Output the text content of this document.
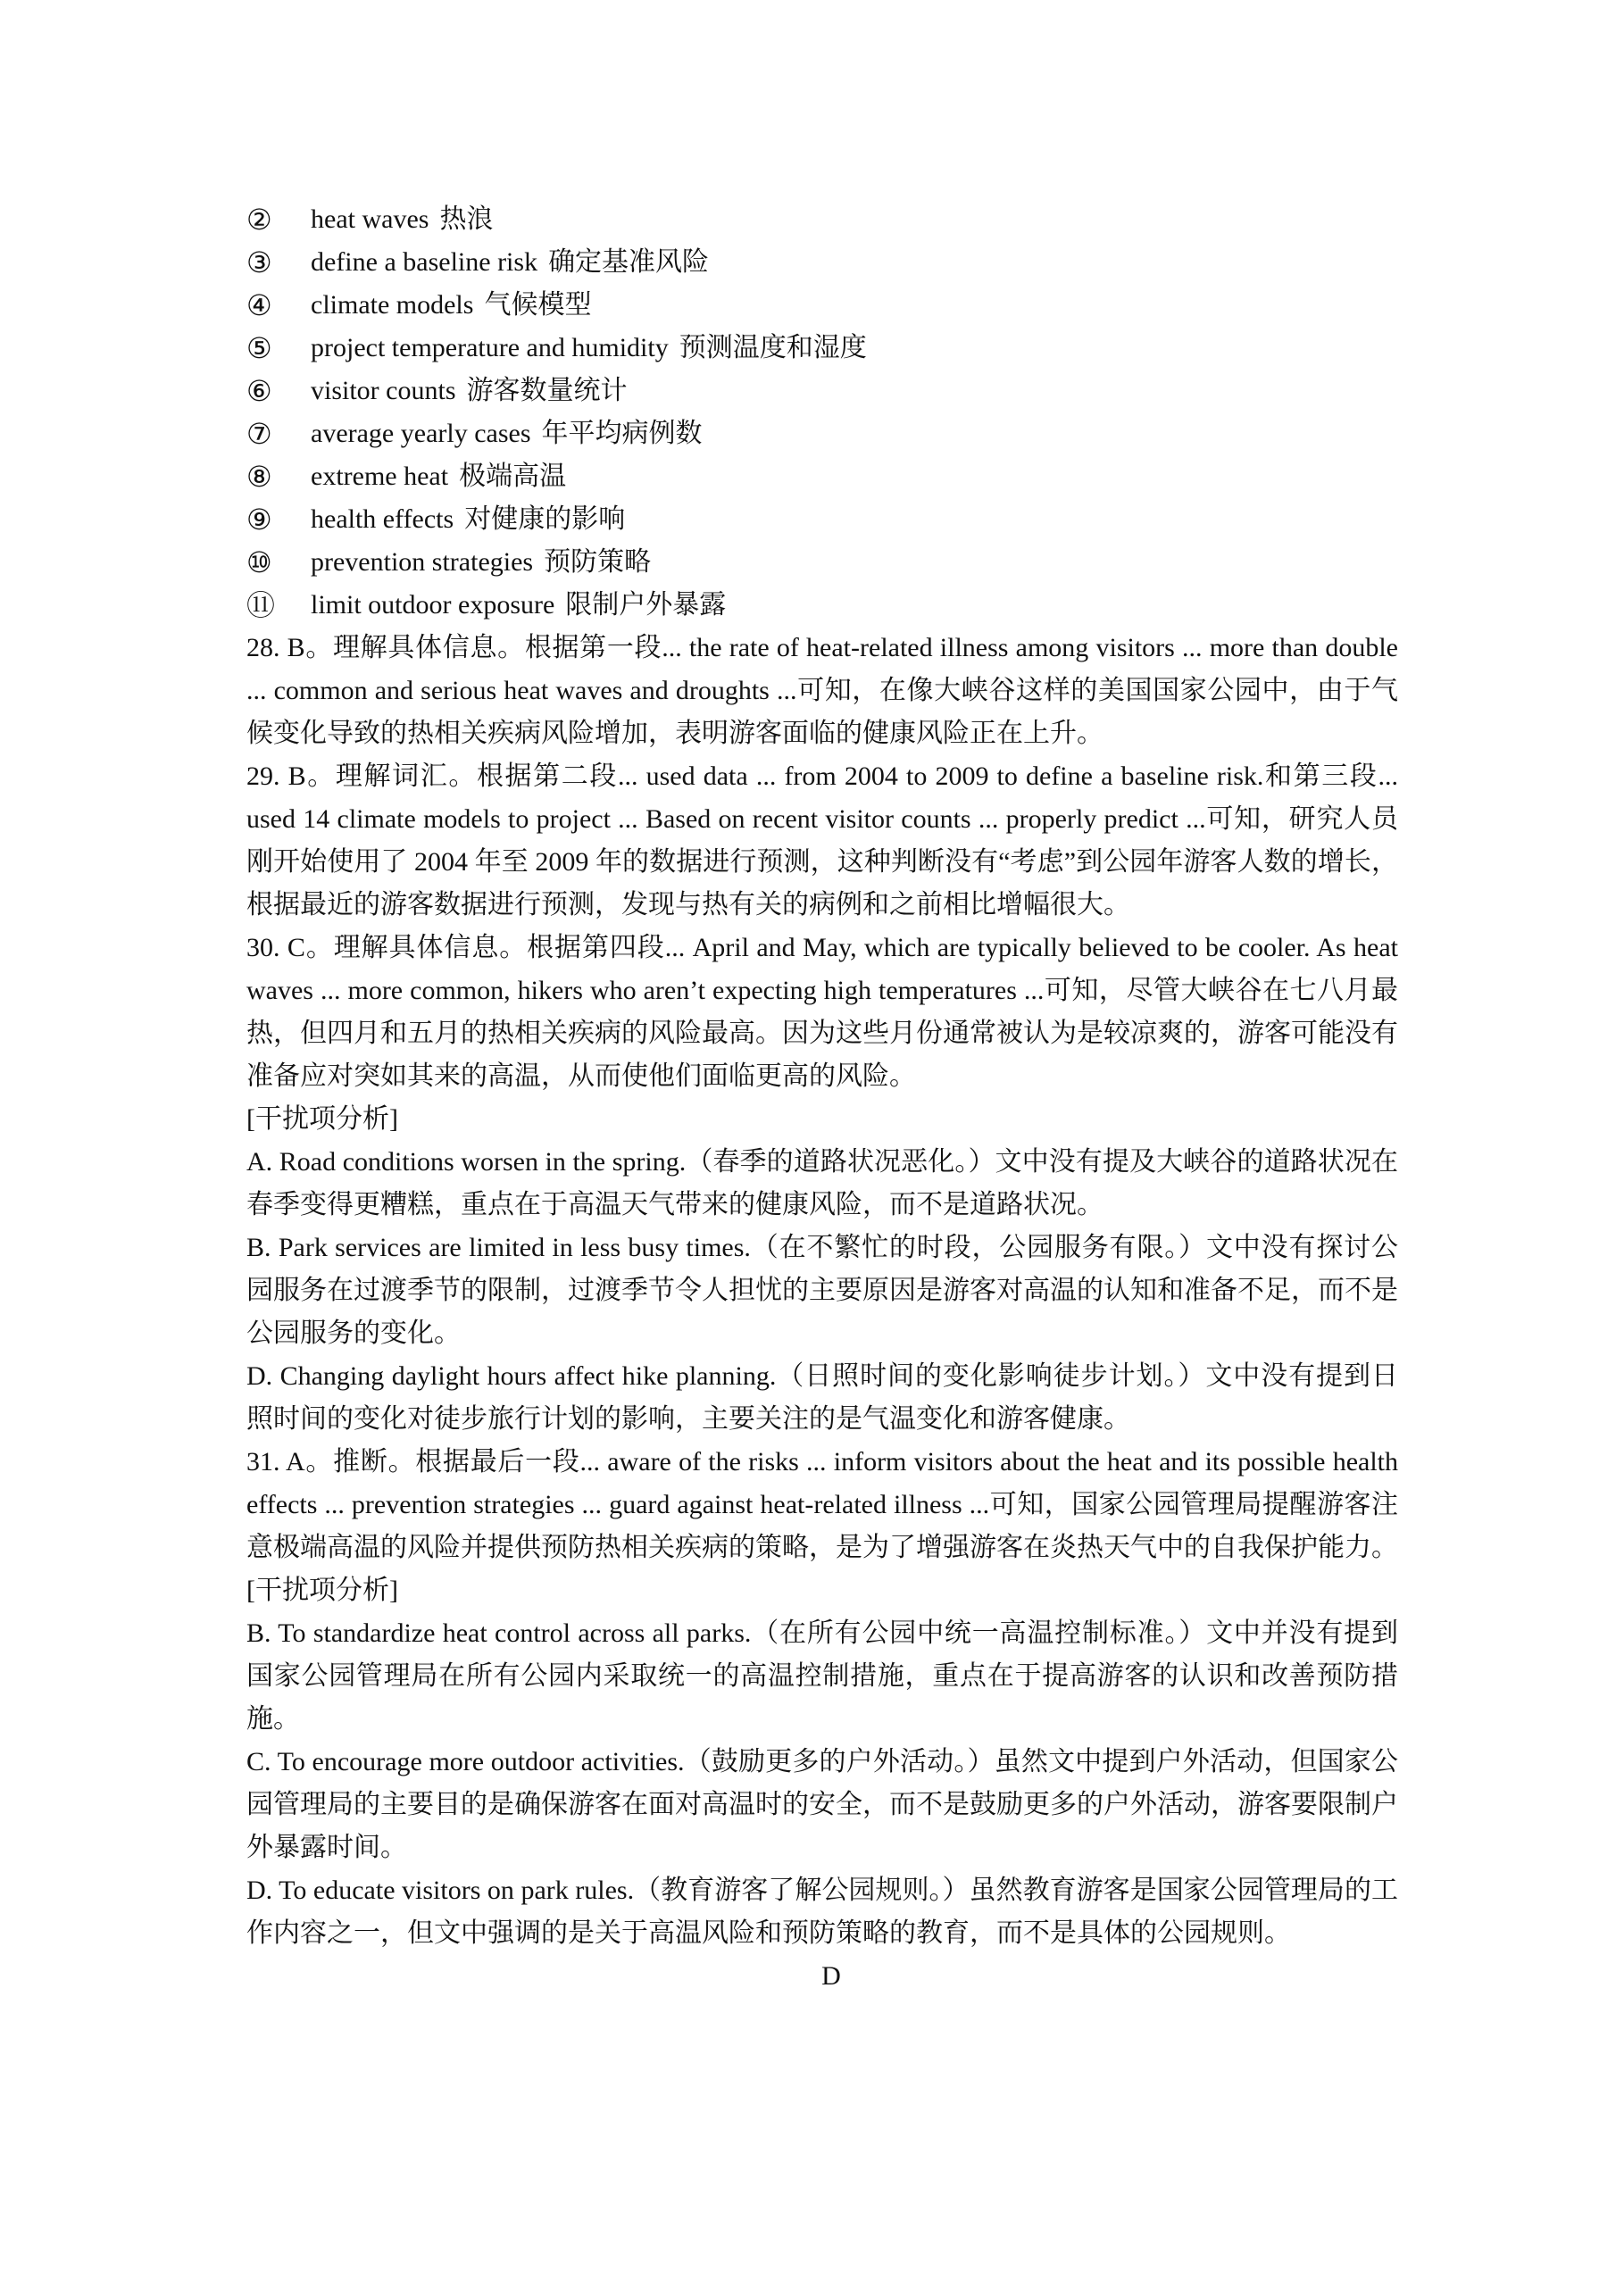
②	heat waves 热浪
③	define a baseline risk 确定基准风险
④	climate models 气候模型
⑤	project temperature and humidity 预测温度和湿度
⑥	visitor counts 游客数量统计
⑦	average yearly cases 年平均病例数
⑧	extreme heat 极端高温
⑨	health effects 对健康的影响
⑩	prevention strategies 预防策略
⑪	limit outdoor exposure 限制户外暴露

28. B。理解具体信息。根据第一段... the rate of heat-related illness among visitors ... more than double ... common and serious heat waves and droughts ...可知，在像大峡谷这样的美国国家公园中，由于气候变化导致的热相关疾病风险增加，表明游客面临的健康风险正在上升。

29. B。理解词汇。根据第二段... used data ... from 2004 to 2009 to define a baseline risk.和第三段... used 14 climate models to project ... Based on recent visitor counts ... properly predict ...可知，研究人员刚开始使用了 2004 年至 2009 年的数据进行预测，这种判断没有“考虑”到公园年游客人数的增长，根据最近的游客数据进行预测，发现与热有关的病例和之前相比增幅很大。

30. C。理解具体信息。根据第四段... April and May, which are typically believed to be cooler. As heat waves ... more common, hikers who aren’t expecting high temperatures ...可知，尽管大峡谷在七八月最热，但四月和五月的热相关疾病的风险最高。因为这些月份通常被认为是较凉爽的，游客可能没有准备应对突如其来的高温，从而使他们面临更高的风险。

[干扰项分析]

A. Road conditions worsen in the spring.（春季的道路状况恶化。）文中没有提及大峡谷的道路状况在春季变得更糟糕，重点在于高温天气带来的健康风险，而不是道路状况。

B. Park services are limited in less busy times.（在不繁忙的时段，公园服务有限。）文中没有探讨公园服务在过渡季节的限制，过渡季节令人担忧的主要原因是游客对高温的认知和准备不足，而不是公园服务的变化。

D. Changing daylight hours affect hike planning.（日照时间的变化影响徒步计划。）文中没有提到日照时间的变化对徒步旅行计划的影响，主要关注的是气温变化和游客健康。

31. A。推断。根据最后一段... aware of the risks ... inform visitors about the heat and its possible health effects ... prevention strategies ... guard against heat-related illness ...可知，国家公园管理局提醒游客注意极端高温的风险并提供预防热相关疾病的策略，是为了增强游客在炎热天气中的自我保护能力。

[干扰项分析]

B. To standardize heat control across all parks.（在所有公园中统一高温控制标准。）文中并没有提到国家公园管理局在所有公园内采取统一的高温控制措施，重点在于提高游客的认识和改善预防措施。

C. To encourage more outdoor activities.（鼓励更多的户外活动。）虽然文中提到户外活动，但国家公园管理局的主要目的是确保游客在面对高温时的安全，而不是鼓励更多的户外活动，游客要限制户外暴露时间。

D. To educate visitors on park rules.（教育游客了解公园规则。）虽然教育游客是国家公园管理局的工作内容之一，但文中强调的是关于高温风险和预防策略的教育，而不是具体的公园规则。

D
